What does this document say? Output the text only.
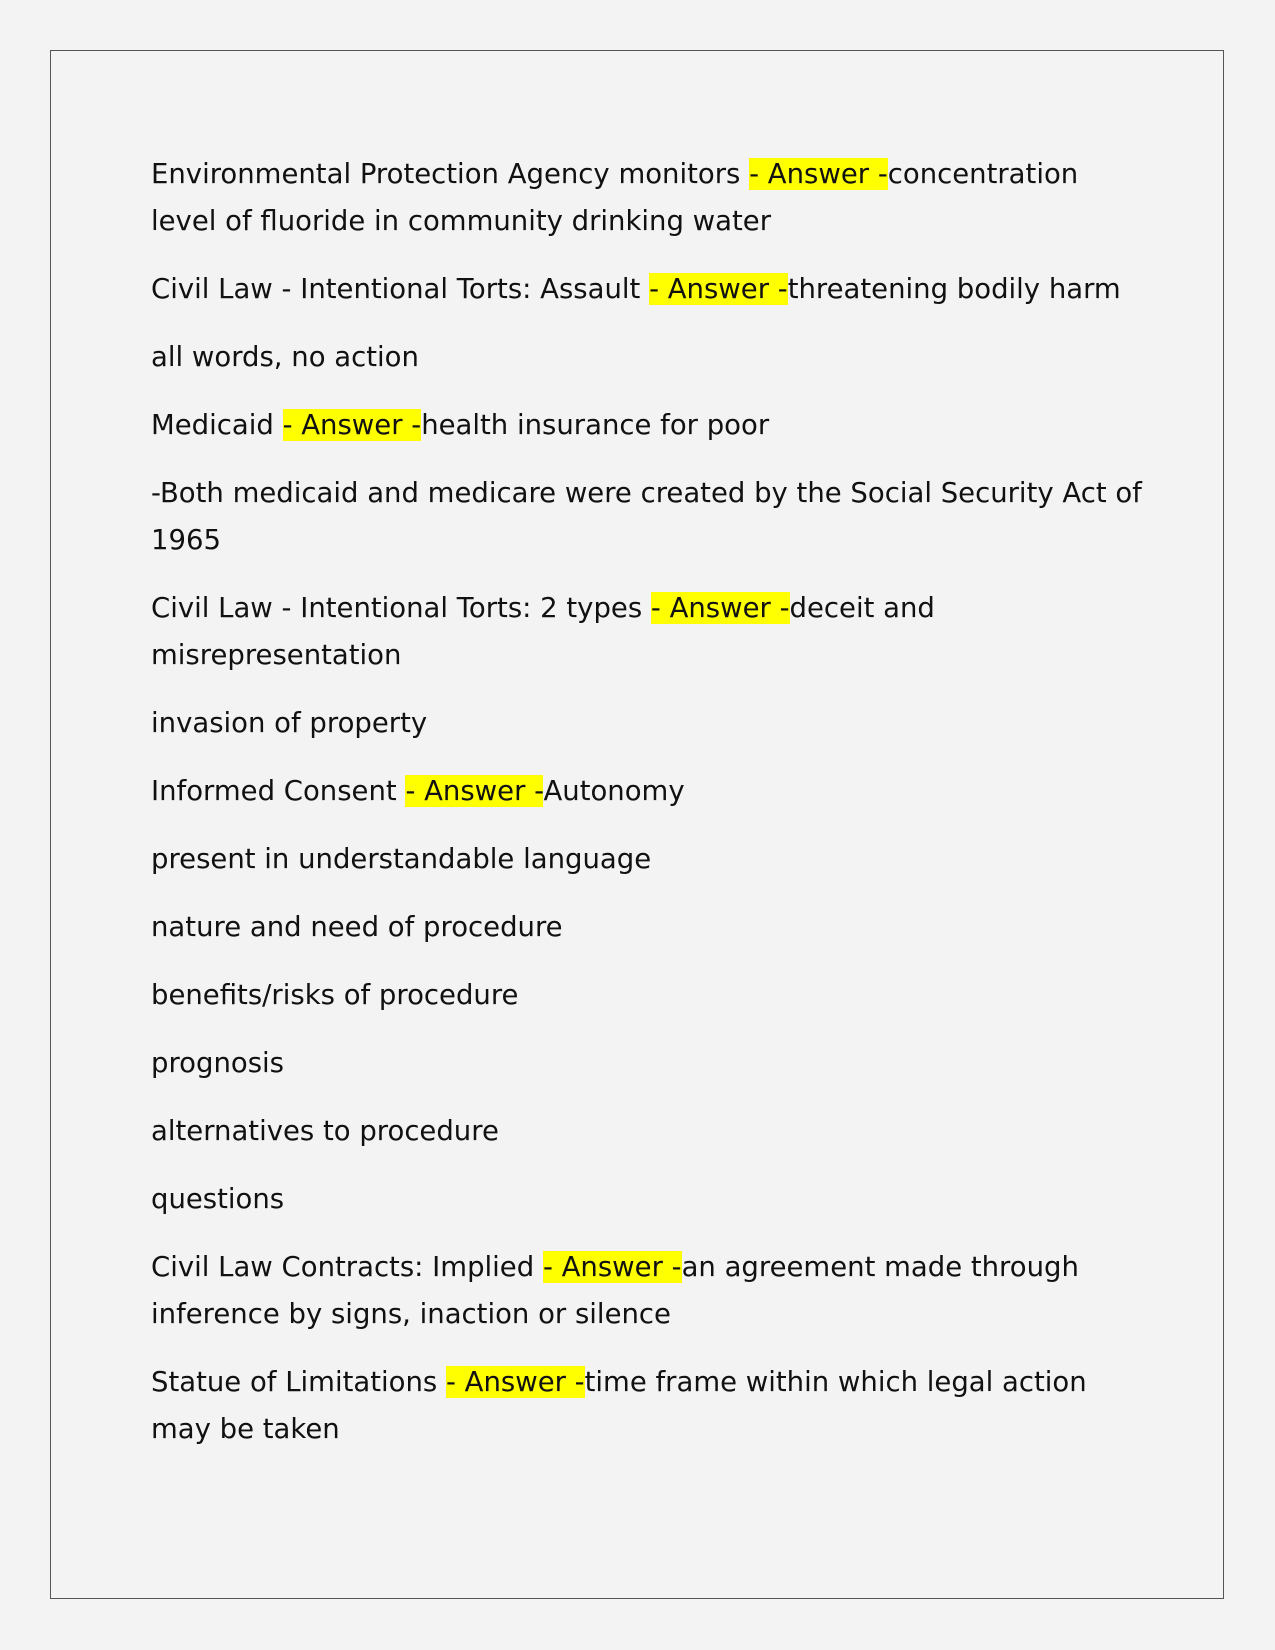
Environmental Protection Agency monitors - Answer -concentration level of fluoride in community drinking water

Civil Law - Intentional Torts: Assault - Answer -threatening bodily harm

all words, no action

Medicaid - Answer -health insurance for poor

-Both medicaid and medicare were created by the Social Security Act of 1965

Civil Law - Intentional Torts: 2 types - Answer -deceit and misrepresentation

invasion of property

Informed Consent - Answer -Autonomy

present in understandable language

nature and need of procedure

benefits/risks of procedure

prognosis

alternatives to procedure

questions

Civil Law Contracts: Implied - Answer -an agreement made through inference by signs, inaction or silence

Statue of Limitations - Answer -time frame within which legal action may be taken
